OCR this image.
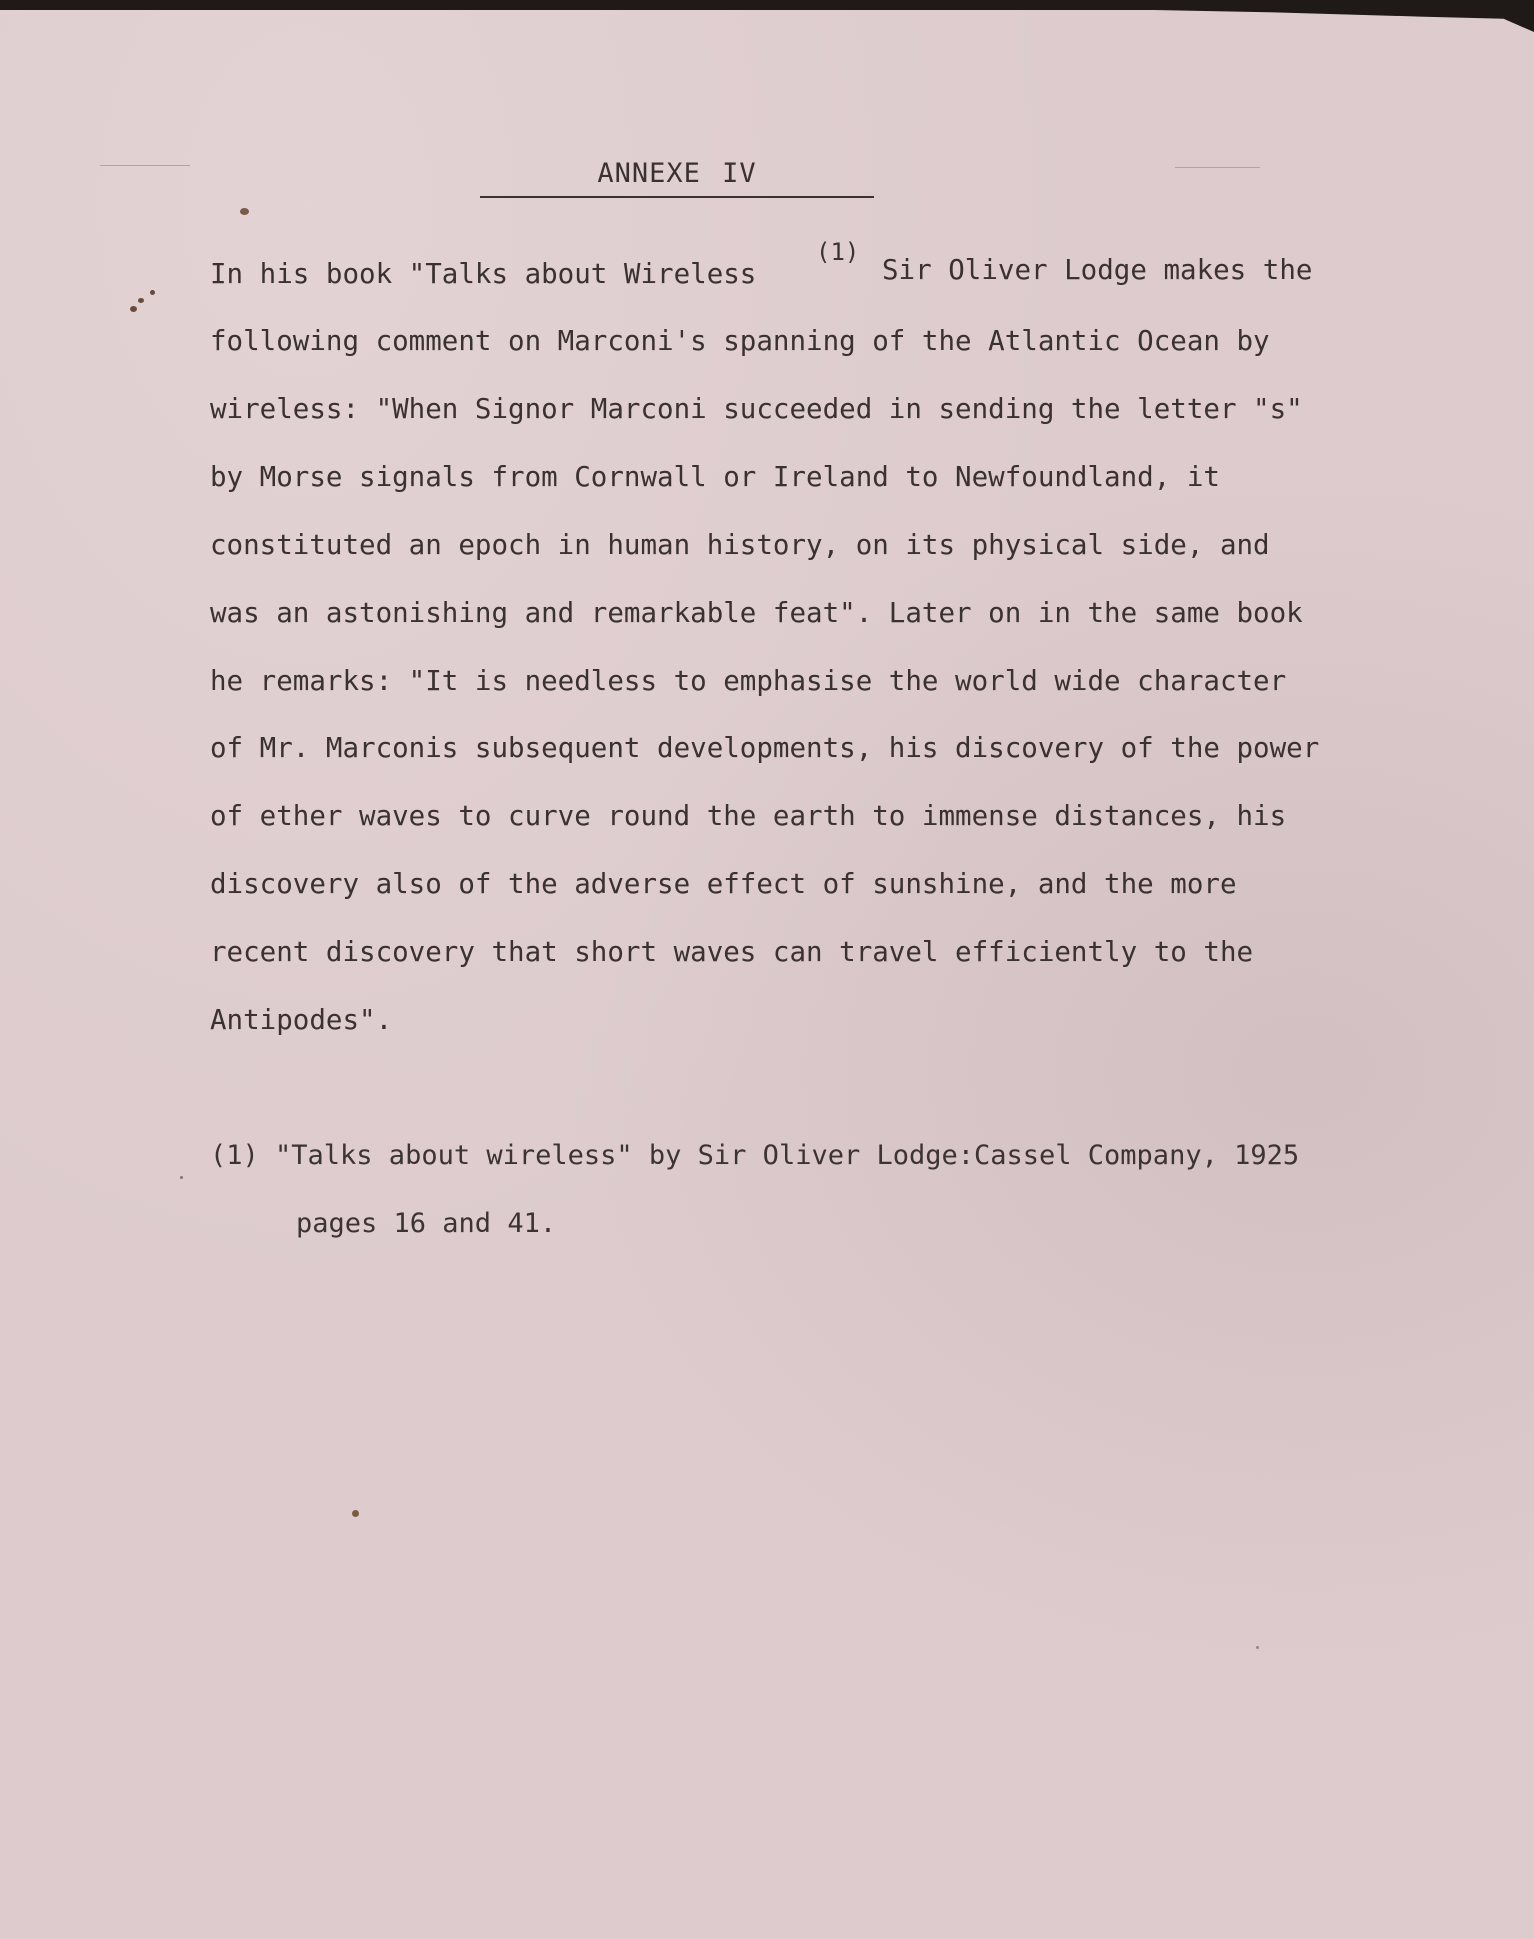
ANNEXE IV
In his book "Talks about Wireless
(1)
Sir Oliver Lodge makes the
following comment on Marconi's spanning of the Atlantic Ocean by
wireless: "When Signor Marconi succeeded in sending the letter "s"
by Morse signals from Cornwall or Ireland to Newfoundland, it
constituted an epoch in human history, on its physical side, and
was an astonishing and remarkable feat". Later on in the same book
he remarks: "It is needless to emphasise the world wide character
of Mr. Marconis subsequent developments, his discovery of the power
of ether waves to curve round the earth to immense distances, his
discovery also of the adverse effect of sunshine, and the more
recent discovery that short waves can travel efficiently to the
Antipodes".
(1) "Talks about wireless" by Sir Oliver Lodge:Cassel Company, 1925
pages 16 and 41.
